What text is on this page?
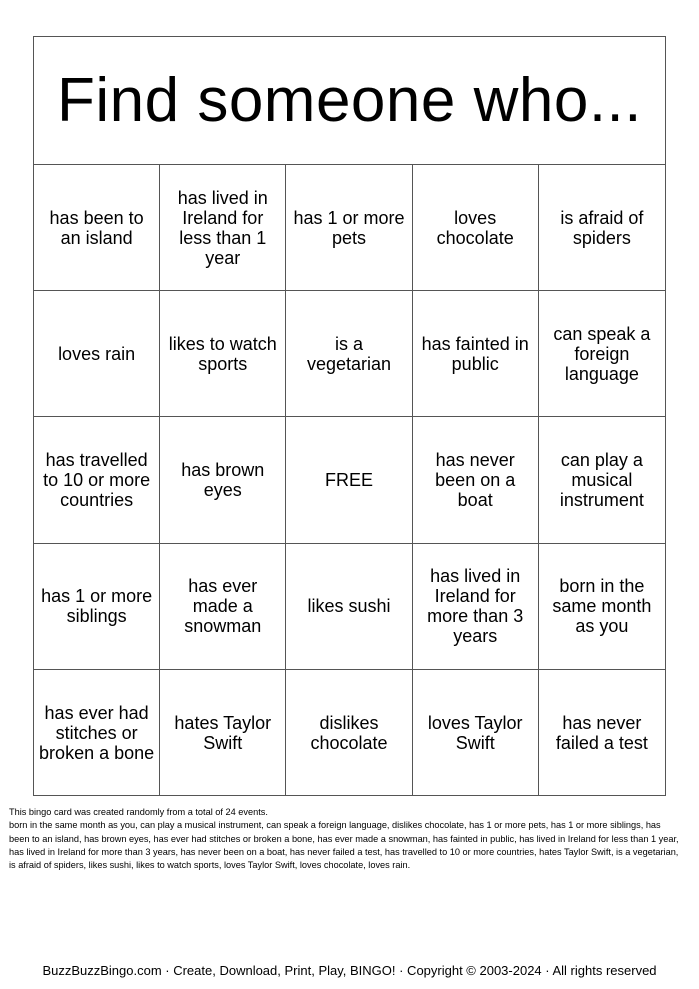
Find someone who...
has been to an island
has lived in Ireland for less than 1 year
has 1 or more pets
loves chocolate
is afraid of spiders
loves rain	likes to watch sports
is a vegetarian
has fainted in public
can speak a foreign language
has travelled to 10 or more countries
has brown eyes	FREE
has never been on a boat
can play a musical instrument
has 1 or more siblings
has ever made a snowman
likes sushi
has lived in Ireland for more than 3 years
born in the same month as you
has ever had stitches or broken a bone
hates Taylor Swift
dislikes chocolate
loves Taylor Swift
has never failed a test
This bingo card was created randomly from a total of 24 events.
born in the same month as you, can play a musical instrument, can speak a foreign language, dislikes chocolate, has 1 or more pets, has 1 or more siblings, has been to an island, has brown eyes, has ever had stitches or broken a bone, has ever made a snowman, has fainted in public, has lived in Ireland for less than 1 year, has lived in Ireland for more than 3 years, has never been on a boat, has never failed a test, has travelled to 10 or more countries, hates Taylor Swift, is a vegetarian, is afraid of spiders, likes sushi, likes to watch sports, loves Taylor Swift, loves chocolate, loves rain.
BuzzBuzzBingo.com · Create, Download, Print, Play, BINGO! · Copyright © 2003-2024 · All rights reserved
